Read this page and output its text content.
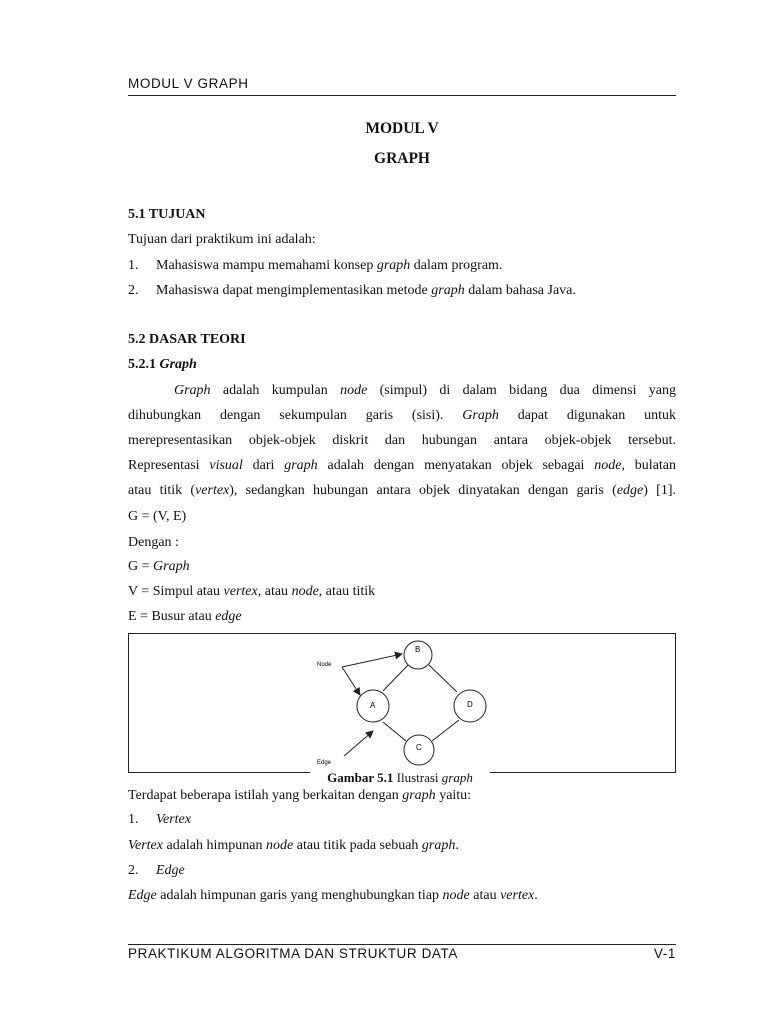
MODUL V GRAPH
MODUL V
GRAPH
5.1 TUJUAN
Tujuan dari praktikum ini adalah:
1. Mahasiswa mampu memahami konsep graph dalam program.
2. Mahasiswa dapat mengimplementasikan metode graph dalam bahasa Java.
5.2 DASAR TEORI
5.2.1 Graph
Graph adalah kumpulan node (simpul) di dalam bidang dua dimensi yang
dihubungkan dengan sekumpulan garis (sisi). Graph dapat digunakan untuk
merepresentasikan objek-objek diskrit dan hubungan antara objek-objek tersebut.
Representasi visual dari graph adalah dengan menyatakan objek sebagai node, bulatan
atau titik (vertex), sedangkan hubungan antara objek dinyatakan dengan garis (edge) [1].
G = (V, E)
Dengan :
G = Graph
V = Simpul atau vertex, atau node, atau titik
E = Busur atau edge
B
A	D
C
Node
Edge
Gambar 5.1 Ilustrasi graph
Terdapat beberapa istilah yang berkaitan dengan graph yaitu:
1. Vertex
Vertex adalah himpunan node atau titik pada sebuah graph.
2. Edge
Edge adalah himpunan garis yang menghubungkan tiap node atau vertex.
PRAKTIKUM ALGORITMA DAN STRUKTUR DATA	V-1
